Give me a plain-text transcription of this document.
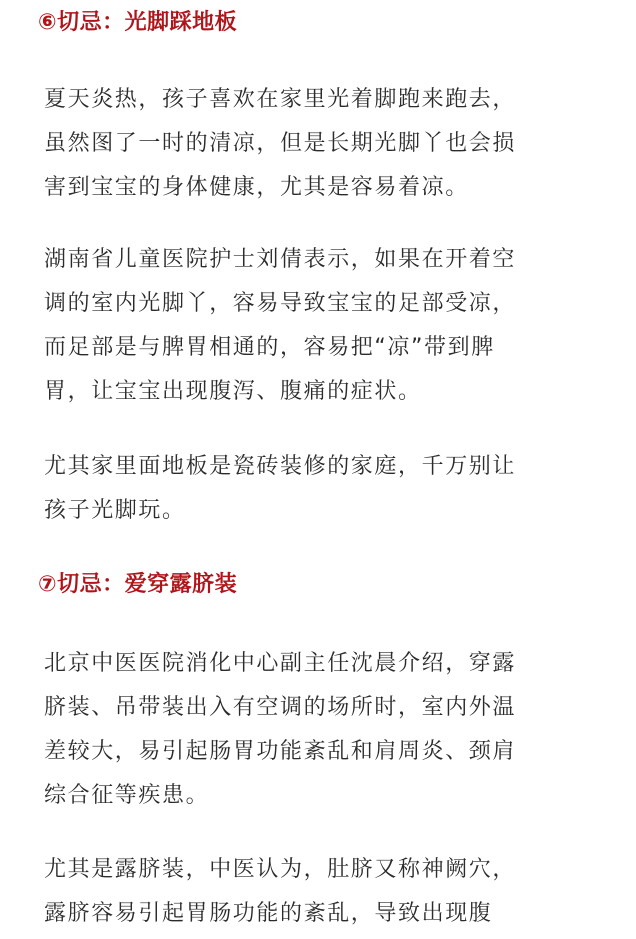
⑥切忌：光脚踩地板

夏天炎热，孩子喜欢在家里光着脚跑来跑去，
虽然图了一时的清凉，但是长期光脚丫也会损
害到宝宝的身体健康，尤其是容易着凉。

湖南省儿童医院护士刘倩表示，如果在开着空
调的室内光脚丫，容易导致宝宝的足部受凉，
而足部是与脾胃相通的，容易把“凉”带到脾
胃，让宝宝出现腹泻、腹痛的症状。

尤其家里面地板是瓷砖装修的家庭，千万别让
孩子光脚玩。

⑦切忌：爱穿露脐装

北京中医医院消化中心副主任沈晨介绍，穿露
脐装、吊带装出入有空调的场所时，室内外温
差较大，易引起肠胃功能紊乱和肩周炎、颈肩
综合征等疾患。

尤其是露脐装，中医认为，肚脐又称神阙穴，
露脐容易引起胃肠功能的紊乱，导致出现腹
